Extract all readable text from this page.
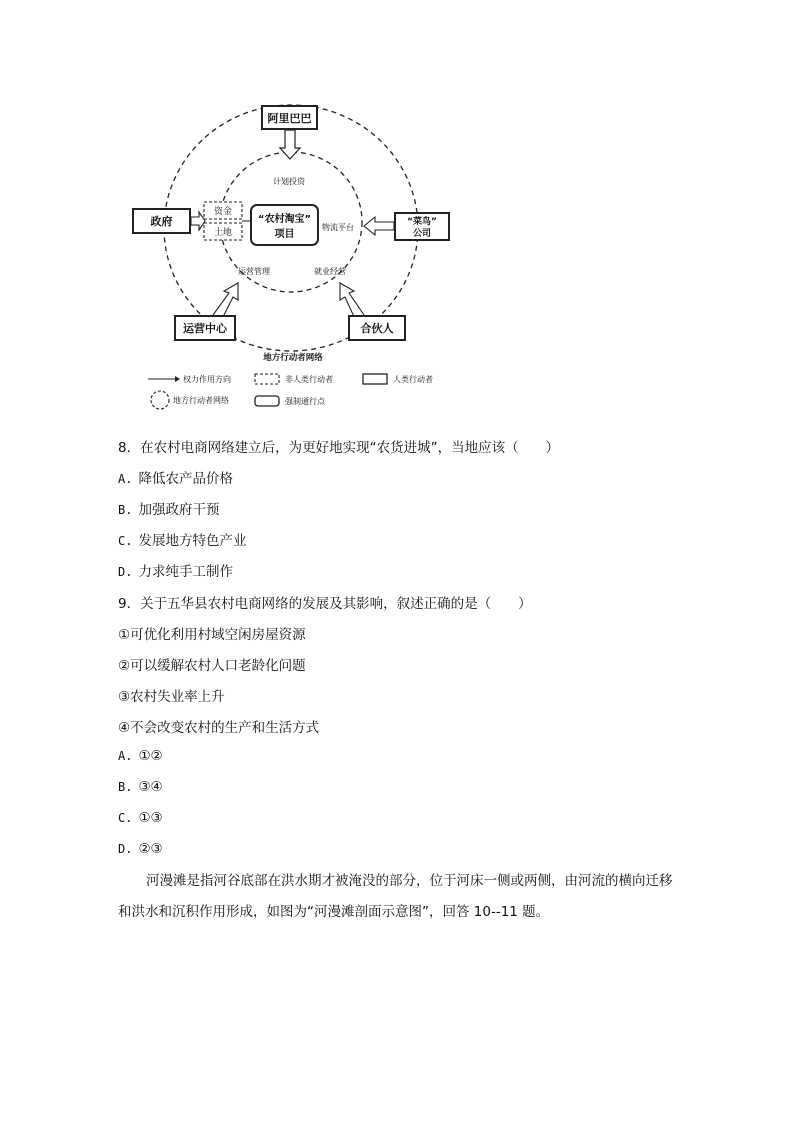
阿里巴巴
计划投资
政府
资金
土地
“农村淘宝”
项目
物流平台
“菜鸟”
公司
运营管理	就业经营
运营中心	合伙人
地方行动者网络
权力作用方向	非人类行动者	人类行动者
地方行动者网络	强制通行点
8．在农村电商网络建立后，为更好地实现“农货进城”，当地应该（　　）
A. 降低农产品价格
B. 加强政府干预
C. 发展地方特色产业
D. 力求纯手工制作
9．关于五华县农村电商网络的发展及其影响，叙述正确的是（　　）
①可优化利用村域空闲房屋资源
②可以缓解农村人口老龄化问题
③农村失业率上升
④不会改变农村的生产和生活方式
A. ①②
B. ③④
C. ①③
D. ②③
河漫滩是指河谷底部在洪水期才被淹没的部分，位于河床一侧或两侧，由河流的横向迁移和洪水和沉积作用形成，如图为“河漫滩剖面示意图”，回答 10--11 题。
